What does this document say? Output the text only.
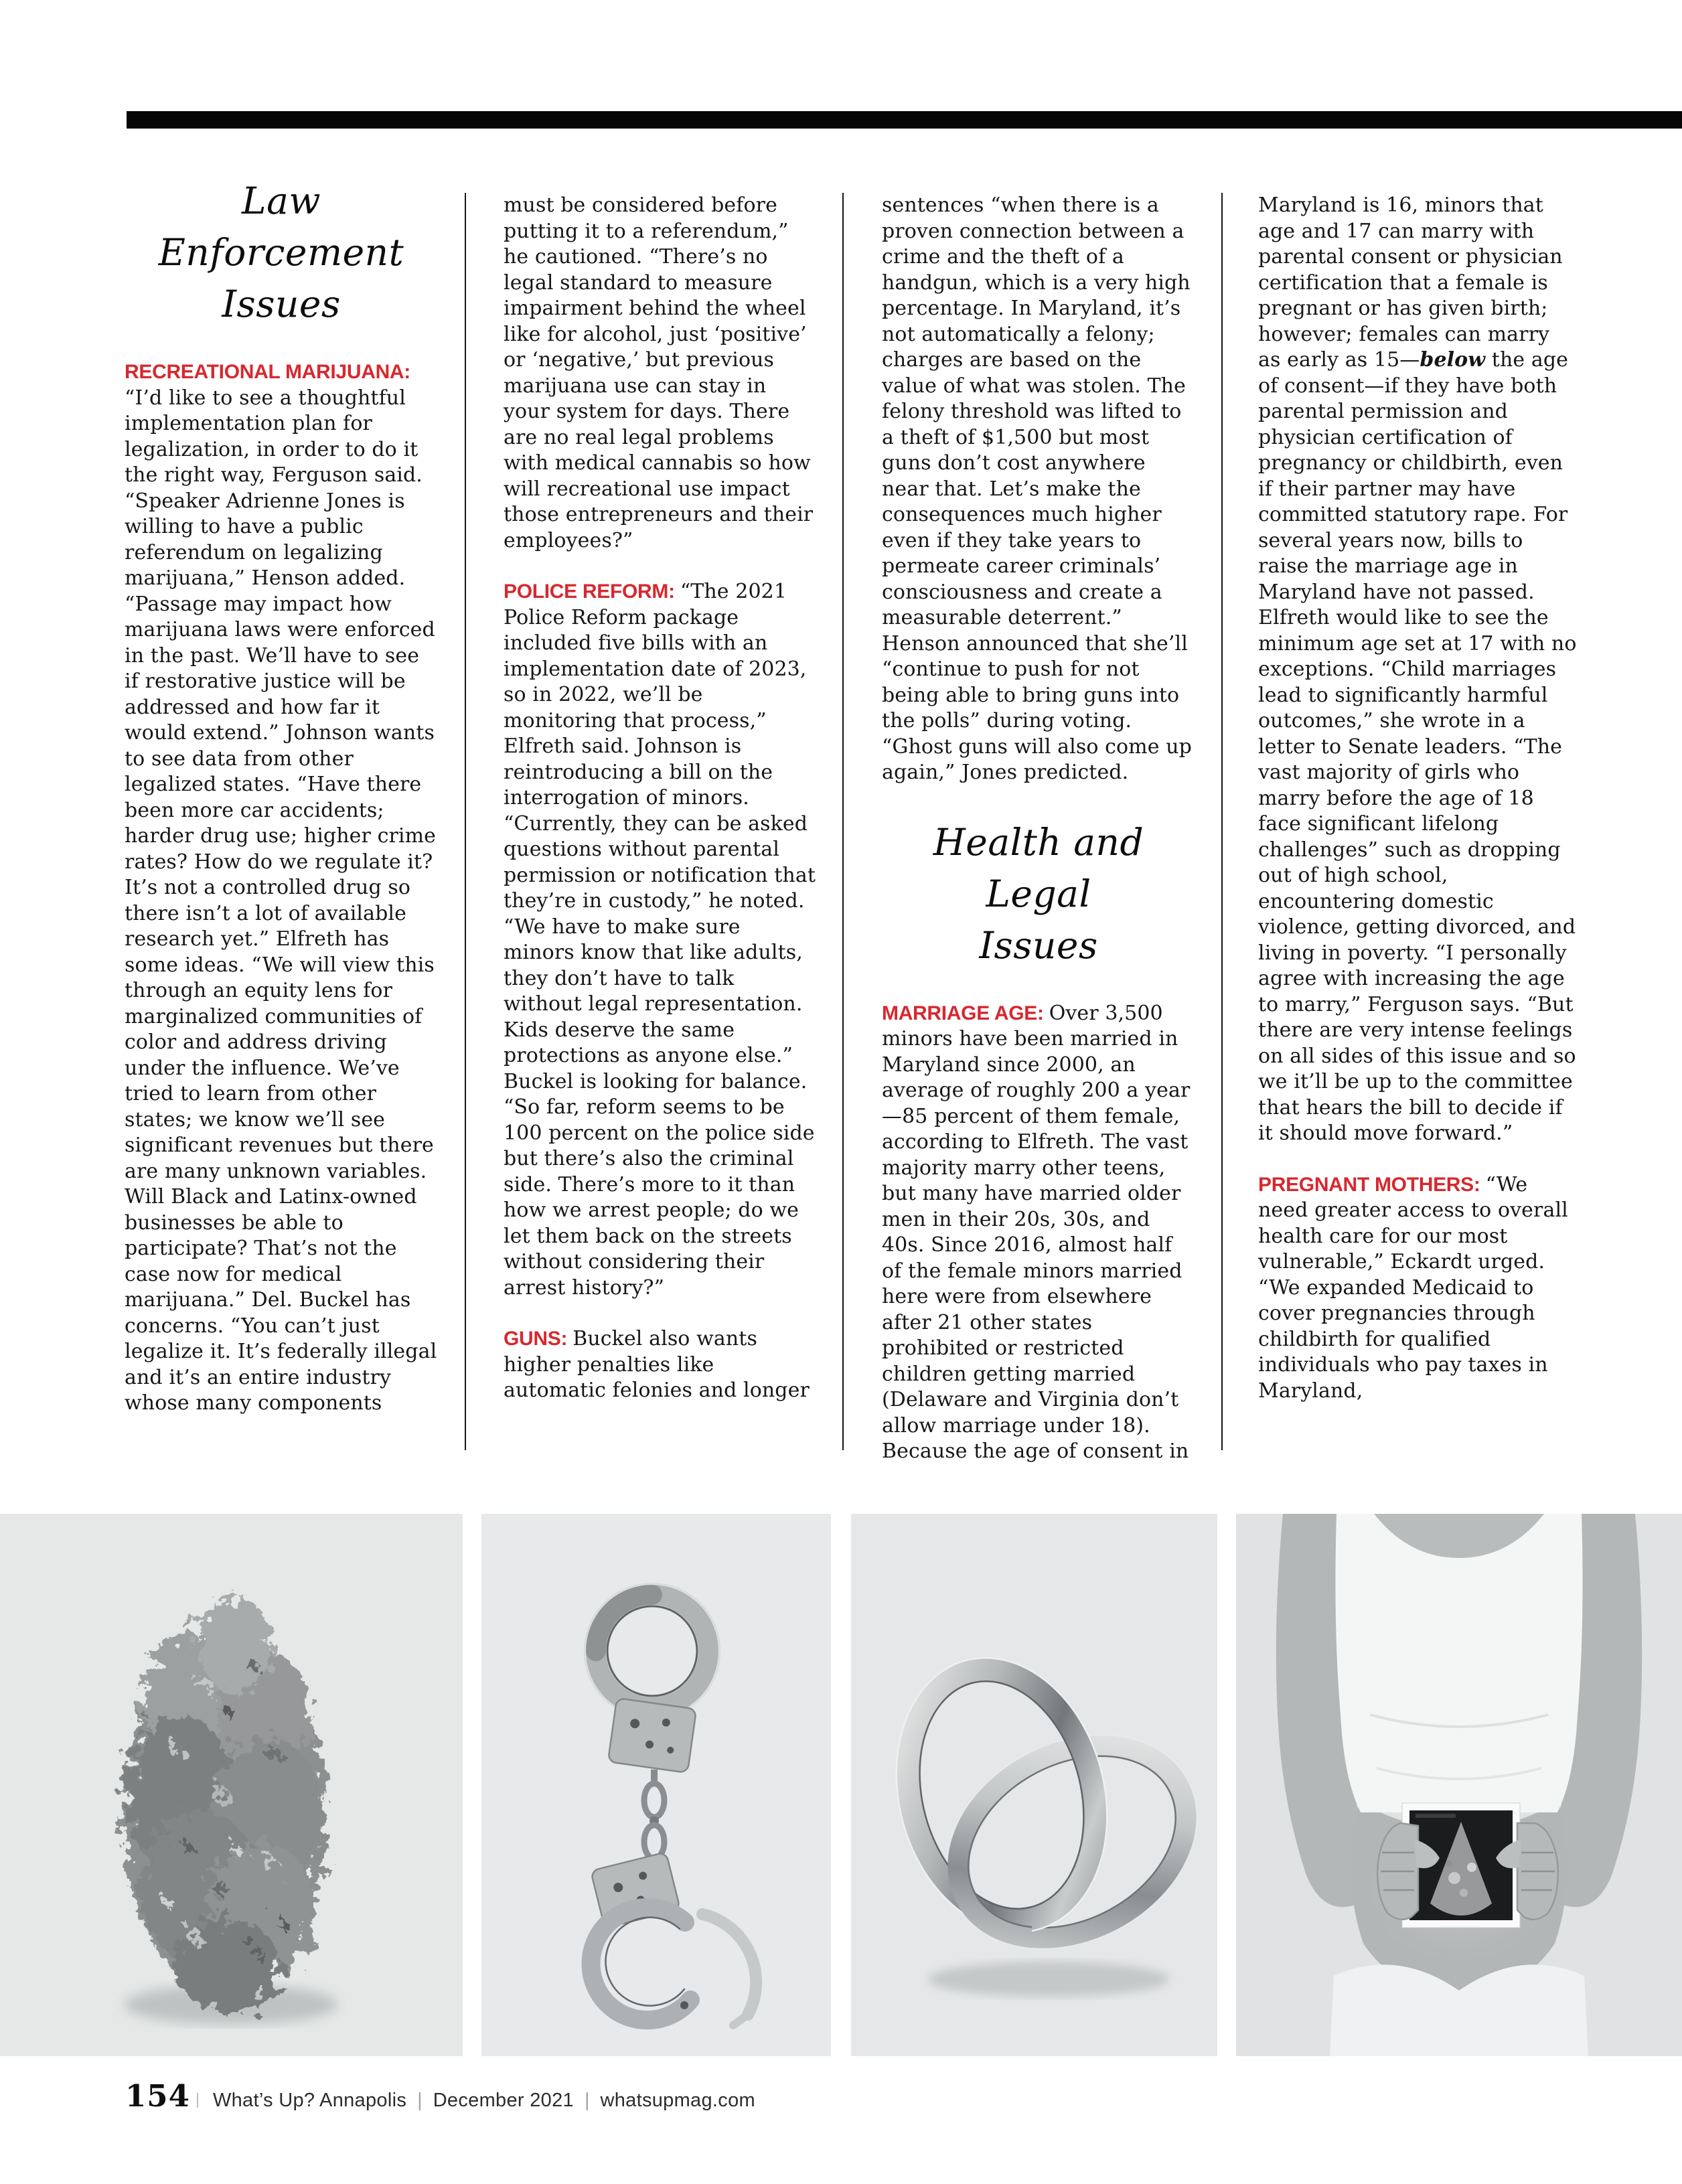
Law Enforcement
Issues

RECREATIONAL MARIJUANA: “I’d like to see a thoughtful implementation plan for legalization, in order to do it the right way, Ferguson said. “Speaker Adrienne Jones is willing to have a public referendum on legalizing marijuana,” Henson added. “Passage may impact how marijuana laws were enforced in the past. We’ll have to see if restorative justice will be addressed and how far it would extend.” Johnson wants to see data from other legalized states. “Have there been more car accidents; harder drug use; higher crime rates? How do we regulate it? It’s not a controlled drug so there isn’t a lot of available research yet.” Elfreth has some ideas. “We will view this through an equity lens for marginalized communities of color and address driving under the influence. We’ve tried to learn from other states; we know we’ll see significant revenues but there are many unknown variables. Will Black and Latinx-owned businesses be able to participate? That’s not the case now for medical marijuana.” Del. Buckel has concerns. “You can’t just legalize it. It’s federally illegal and it’s an entire industry whose many components

must be considered before putting it to a referendum,” he cautioned. “There’s no legal standard to measure impairment behind the wheel like for alcohol, just ‘positive’ or ‘negative,’ but previous marijuana use can stay in your system for days. There are no real legal problems with medical cannabis so how will recreational use impact those entrepreneurs and their employees?”

POLICE REFORM: “The 2021 Police Reform package included five bills with an implementation date of 2023, so in 2022, we’ll be monitoring that process,” Elfreth said. Johnson is reintroducing a bill on the interrogation of minors. “Currently, they can be asked questions without parental permission or notification that they’re in custody,” he noted. “We have to make sure minors know that like adults, they don’t have to talk without legal representation. Kids deserve the same protections as anyone else.” Buckel is looking for balance. “So far, reform seems to be 100 percent on the police side but there’s also the criminal side. There’s more to it than how we arrest people; do we let them back on the streets without considering their arrest history?”

GUNS: Buckel also wants higher penalties like automatic felonies and longer

sentences “when there is a proven connection between a crime and the theft of a handgun, which is a very high percentage. In Maryland, it’s not automatically a felony; charges are based on the value of what was stolen. The felony threshold was lifted to a theft of $1,500 but most guns don’t cost anywhere near that. Let’s make the consequences much higher even if they take years to permeate career criminals’ consciousness and create a measurable deterrent.” Henson announced that she’ll “continue to push for not being able to bring guns into the polls” during voting. “Ghost guns will also come up again,” Jones predicted.

Health and Legal
Issues

MARRIAGE AGE: Over 3,500 minors have been married in Maryland since 2000, an average of roughly 200 a year—85 percent of them female, according to Elfreth. The vast majority marry other teens, but many have married older men in their 20s, 30s, and 40s. Since 2016, almost half of the female minors married here were from elsewhere after 21 other states prohibited or restricted children getting married (Delaware and Virginia don’t allow marriage under 18). Because the age of consent in

Maryland is 16, minors that age and 17 can marry with parental consent or physician certification that a female is pregnant or has given birth; however; females can marry as early as 15—below the age of consent—if they have both parental permission and physician certification of pregnancy or childbirth, even if their partner may have committed statutory rape. For several years now, bills to raise the marriage age in Maryland have not passed. Elfreth would like to see the minimum age set at 17 with no exceptions. “Child marriages lead to significantly harmful outcomes,” she wrote in a letter to Senate leaders. “The vast majority of girls who marry before the age of 18 face significant lifelong challenges” such as dropping out of high school, encountering domestic violence, getting divorced, and living in poverty. “I personally agree with increasing the age to marry,” Ferguson says. “But there are very intense feelings on all sides of this issue and so we it’ll be up to the committee that hears the bill to decide if it should move forward.”

PREGNANT MOTHERS: “We need greater access to overall health care for our most vulnerable,” Eckardt urged. “We expanded Medicaid to cover pregnancies through childbirth for qualified individuals who pay taxes in Maryland,

154 What’s Up? Annapolis | December 2021 | whatsupmag.com
